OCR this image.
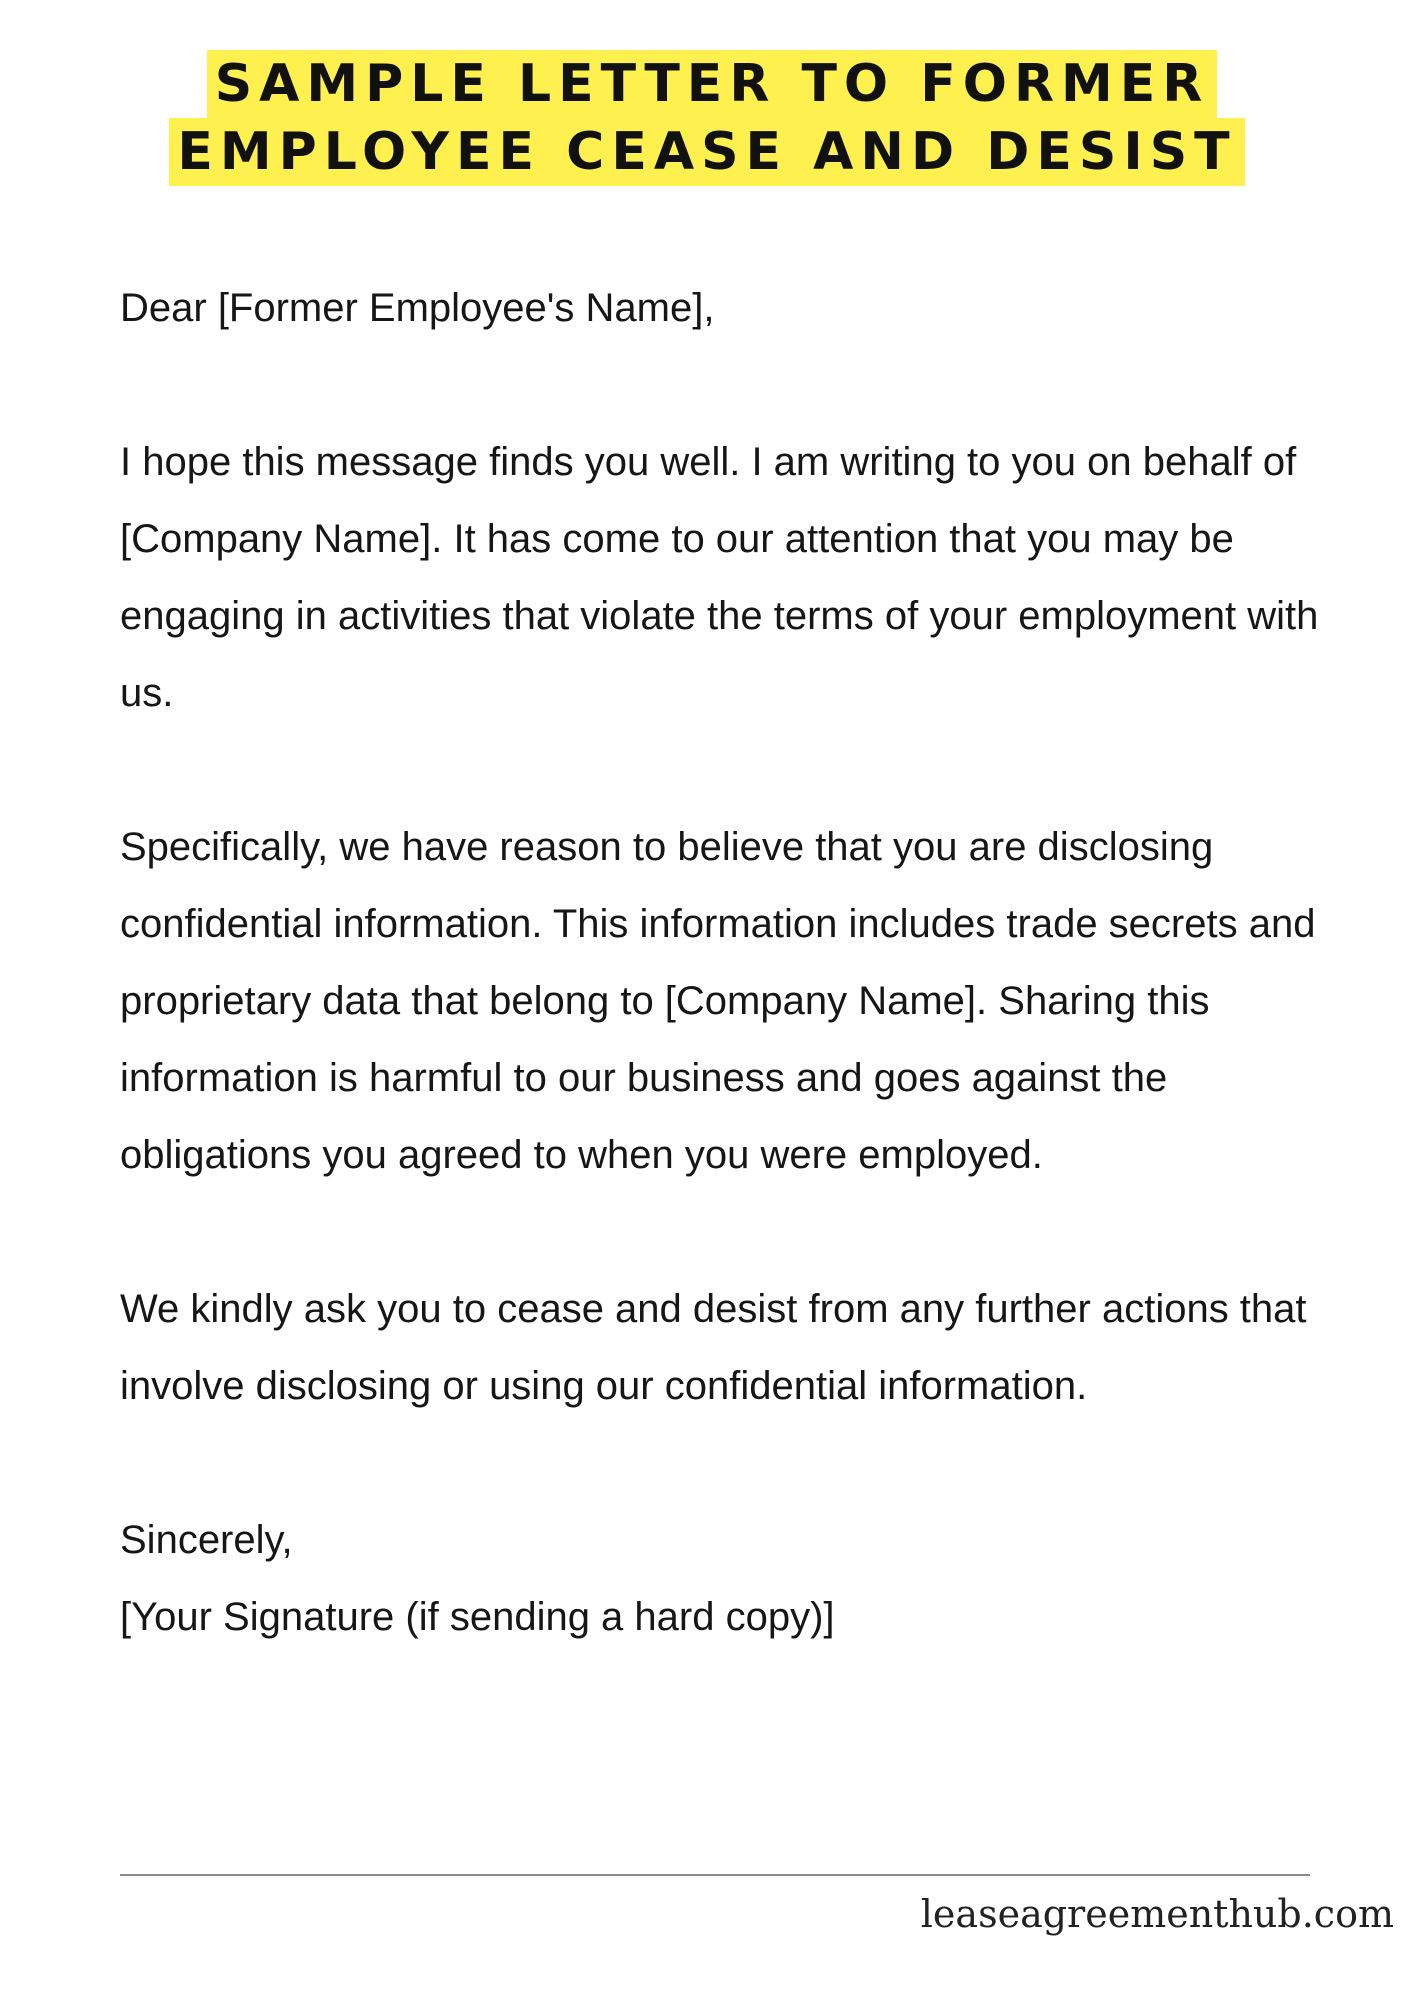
SAMPLE LETTER TO FORMER
EMPLOYEE CEASE AND DESIST

Dear [Former Employee's Name],

I hope this message finds you well. I am writing to you on behalf of [Company Name]. It has come to our attention that you may be engaging in activities that violate the terms of your employment with us.

Specifically, we have reason to believe that you are disclosing confidential information. This information includes trade secrets and proprietary data that belong to [Company Name]. Sharing this information is harmful to our business and goes against the obligations you agreed to when you were employed.

We kindly ask you to cease and desist from any further actions that involve disclosing or using our confidential information.

Sincerely,

[Your Signature (if sending a hard copy)]

leaseagreementhub.com
